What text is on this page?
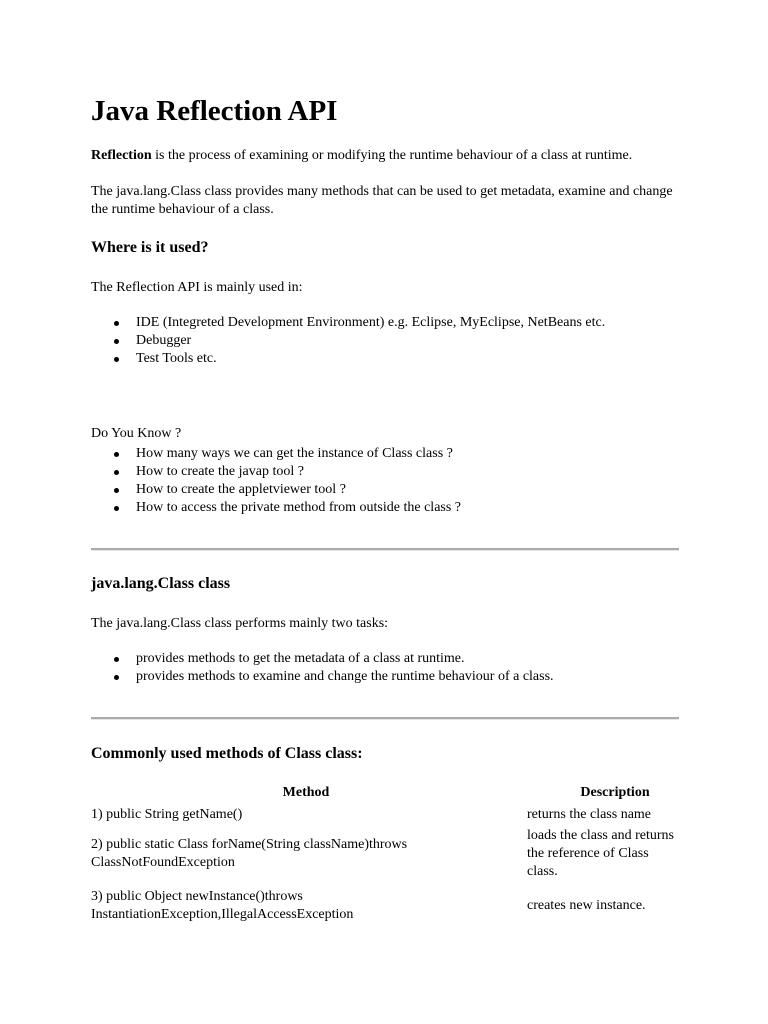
Java Reflection API

Reflection is the process of examining or modifying the runtime behaviour of a class at runtime.

The java.lang.Class class provides many methods that can be used to get metadata, examine and change the runtime behaviour of a class.

Where is it used?

The Reflection API is mainly used in:

IDE (Integreted Development Environment) e.g. Eclipse, MyEclipse, NetBeans etc.
Debugger
Test Tools etc.

Do You Know ?

How many ways we can get the instance of Class class ?
How to create the javap tool ?
How to create the appletviewer tool ?
How to access the private method from outside the class ?
java.lang.Class class

The java.lang.Class class performs mainly two tasks:

provides methods to get the metadata of a class at runtime.
provides methods to examine and change the runtime behaviour of a class.
Commonly used methods of Class class:
Method	Description
1) public String getName()	returns the class name
2) public static Class forName(String className)throws ClassNotFoundException	loads the class and returns the reference of Class class.
3) public Object newInstance()throws InstantiationException,IllegalAccessException	creates new instance.
